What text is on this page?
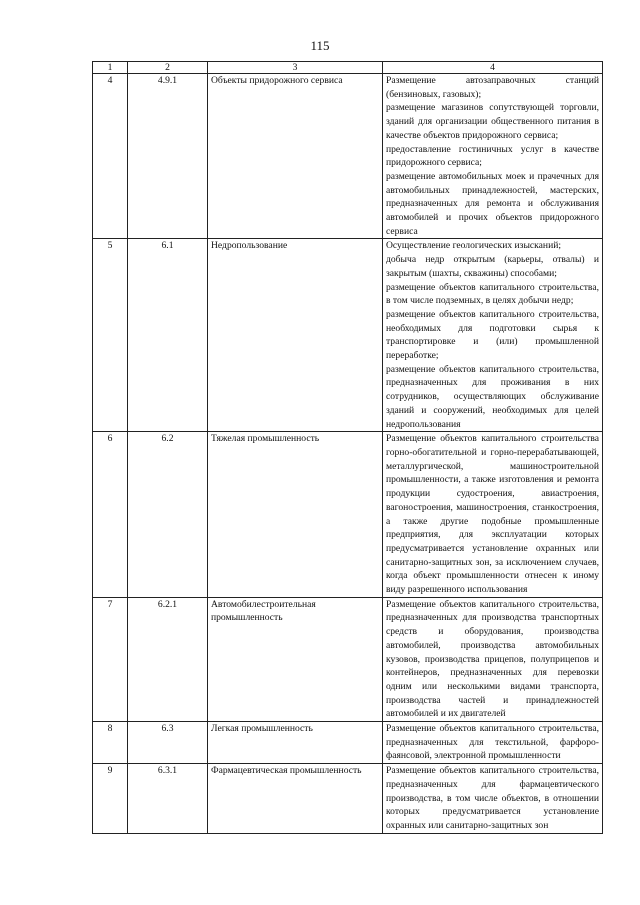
115
1	2	3	4
4	4.9.1	Объекты придорожного сервиса	Размещение автозаправочных станций (бензиновых, газовых);
размещение магазинов сопутствующей торговли, зданий для организации общественного питания в качестве объектов придорожного сервиса;
предоставление гостиничных услуг в качестве придорожного сервиса;
размещение автомобильных моек и прачечных для автомобильных принадлежностей, мастерских, предназначенных для ремонта и обслуживания автомобилей и прочих объектов придорожного сервиса

5	6.1	Недропользование	Осуществление геологических изысканий;
добыча недр открытым (карьеры, отвалы) и закрытым (шахты, скважины) способами;
размещение объектов капитального строительства, в том числе подземных, в целях добычи недр;
размещение объектов капитального строительства, необходимых для подготовки сырья к транспортировке и (или) промышленной переработке;
размещение объектов капитального строительства, предназначенных для проживания в них сотрудников, осуществляющих обслуживание зданий и сооружений, необходимых для целей недропользования

6	6.2	Тяжелая промышленность	Размещение объектов капитального строительства горно-обогатительной и горно-перерабатывающей, металлургической, машиностроительной промышленности, а также изготовления и ремонта продукции судостроения, авиастроения, вагоностроения, машиностроения, станкостроения, а также другие подобные промышленные предприятия, для эксплуатации которых предусматривается установление охранных или санитарно-защитных зон, за исключением случаев, когда объект промышленности отнесен к иному виду разрешенного использования

7	6.2.1	Автомобилестроительная промышленность	Размещение объектов капитального строительства, предназначенных для производства транспортных средств и оборудования, производства автомобилей, производства автомобильных кузовов, производства прицепов, полуприцепов и контейнеров, предназначенных для перевозки одним или несколькими видами транспорта, производства частей и принадлежностей автомобилей и их двигателей

8	6.3	Легкая промышленность	Размещение объектов капитального строительства, предназначенных для текстильной, фарфоро-фаянсовой, электронной промышленности

9	6.3.1	Фармацевтическая промышленность	Размещение объектов капитального строительства, предназначенных для фармацевтического производства, в том числе объектов, в отношении которых предусматривается установление охранных или санитарно-защитных зон
